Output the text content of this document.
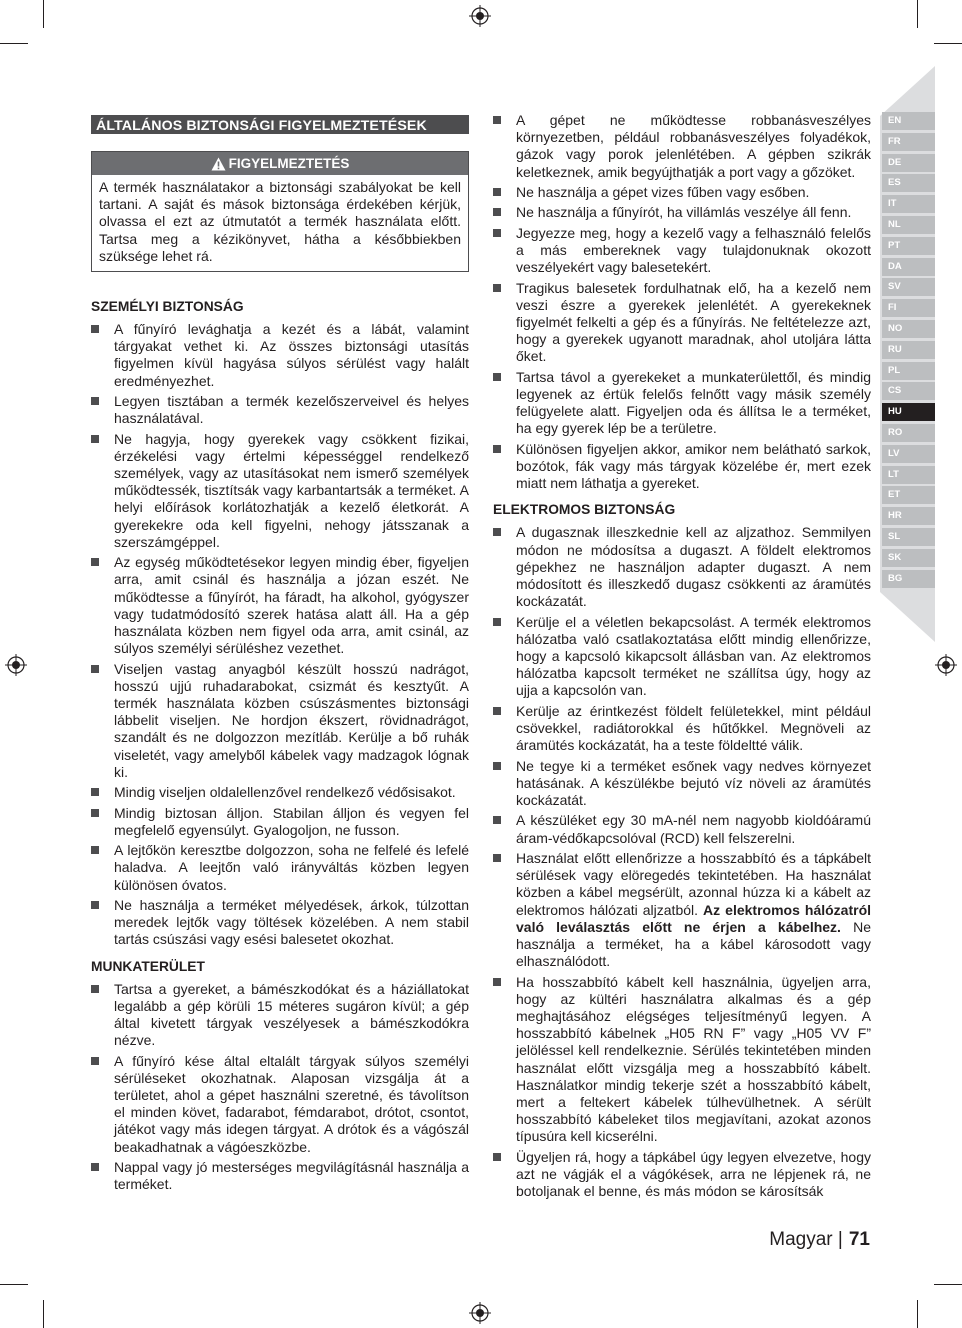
ÁLTALÁNOS BIZTONSÁGI FIGYELMEZTETÉSEK
FIGYELMEZTETÉS
A termék használatakor a biztonsági szabályokat be kell tartani. A saját és mások biztonsága érdekében kérjük, olvassa el ezt az útmutatót a termék használata előtt. Tartsa meg a kézikönyvet, hátha a későbbiekben szüksége lehet rá.
SZEMÉLYI BIZTONSÁG
A fűnyíró levághatja a kezét és a lábát, valamint tárgyakat vethet ki. Az összes biztonsági utasítás figyelmen kívül hagyása súlyos sérülést vagy halált eredményezhet.
Legyen tisztában a termék kezelőszerveivel és helyes használatával.
Ne hagyja, hogy gyerekek vagy csökkent fizikai, érzékelési vagy értelmi képességgel rendelkező személyek, vagy az utasításokat nem ismerő személyek működtessék, tisztítsák vagy karbantartsák a terméket. A helyi előírások korlátozhatják a kezelő életkorát. A gyerekekre oda kell figyelni, nehogy játsszanak a szerszámgéppel.
Az egység működtetésekor legyen mindig éber, figyeljen arra, amit csinál és használja a józan eszét. Ne működtesse a fűnyírót, ha fáradt, ha alkohol, gyógyszer vagy tudatmódosító szerek hatása alatt áll. Ha a gép használata közben nem figyel oda arra, amit csinál, az súlyos személyi sérüléshez vezethet.
Viseljen vastag anyagból készült hosszú nadrágot, hosszú ujjú ruhadarabokat, csizmát és kesztyűt. A termék használata közben csúszásmentes biztonsági lábbelit viseljen. Ne hordjon ékszert, rövidnadrágot, szandált és ne dolgozzon mezítláb. Kerülje a bő ruhák viseletét, vagy amelyből kábelek vagy madzagok lógnak ki.
Mindig viseljen oldalellenzővel rendelkező védősisakot.
Mindig biztosan álljon. Stabilan álljon és vegyen fel megfelelő egyensúlyt. Gyalogoljon, ne fusson.
A lejtőkön keresztbe dolgozzon, soha ne felfelé és lefelé haladva. A leejtőn való irányváltás közben legyen különösen óvatos.
Ne használja a terméket mélyedések, árkok, túlzottan meredek lejtők vagy töltések közelében. A nem stabil tartás csúszási vagy esési balesetet okozhat.
MUNKATERÜLET
Tartsa a gyereket, a bámészkodókat és a háziállatokat legalább a gép körüli 15 méteres sugáron kívül; a gép által kivetett tárgyak veszélyesek a bámészkodókra nézve.
A fűnyíró kése által eltalált tárgyak súlyos személyi sérüléseket okozhatnak. Alaposan vizsgálja át a területet, ahol a gépet használni szeretné, és távolítson el minden követ, fadarabot, fémdarabot, drótot, csontot, játékot vagy más idegen tárgyat. A drótok és a vágószál beakadhatnak a vágóeszközbe.
Nappal vagy jó mesterséges megvilágításnál használja a terméket.
A gépet ne működtesse robbanásveszélyes környezetben, például robbanásveszélyes folyadékok, gázok vagy porok jelenlétében. A gépben szikrák keletkeznek, amik begyújthatják a port vagy a gőzöket.
Ne használja a gépet vizes fűben vagy esőben.
Ne használja a fűnyírót, ha villámlás veszélye áll fenn.
Jegyezze meg, hogy a kezelő vagy a felhasználó felelős a más embereknek vagy tulajdonuknak okozott veszélyekért vagy balesetekért.
Tragikus balesetek fordulhatnak elő, ha a kezelő nem veszi észre a gyerekek jelenlétét. A gyerekeknek figyelmét felkelti a gép és a fűnyírás. Ne feltételezze azt, hogy a gyerekek ugyanott maradnak, ahol utoljára látta őket.
Tartsa távol a gyerekeket a munkaterülettől, és mindig legyenek az értük felelős felnőtt vagy másik személy felügyelete alatt. Figyeljen oda és állítsa le a terméket, ha egy gyerek lép be a területre.
Különösen figyeljen akkor, amikor nem belátható sarkok, bozótok, fák vagy más tárgyak közelébe ér, mert ezek miatt nem láthatja a gyereket.
ELEKTROMOS BIZTONSÁG
A dugasznak illeszkednie kell az aljzathoz. Semmilyen módon ne módosítsa a dugaszt. A földelt elektromos gépekhez ne használjon adapter dugaszt. A nem módosított és illeszkedő dugasz csökkenti az áramütés kockázatát.
Kerülje el a véletlen bekapcsolást. A termék elektromos hálózatba való csatlakoztatása előtt mindig ellenőrizze, hogy a kapcsoló kikapcsolt állásban van. Az elektromos hálózatba kapcsolt terméket ne szállítsa úgy, hogy az ujja a kapcsolón van.
Kerülje az érintkezést földelt felületekkel, mint például csövekkel, radiátorokkal és hűtőkkel. Megnöveli az áramütés kockázatát, ha a teste földeltté válik.
Ne tegye ki a terméket esőnek vagy nedves környezet hatásának. A készülékbe bejutó víz növeli az áramütés kockázatát.
A készüléket egy 30 mA-nél nem nagyobb kioldóáramú áram-védőkapcsolóval (RCD) kell felszerelni.
Használat előtt ellenőrizze a hosszabbító és a tápkábelt sérülések vagy elöregedés tekintetében. Ha használat közben a kábel megsérült, azonnal húzza ki a kábelt az elektromos hálózati aljzatból. Az elektromos hálózatról való leválasztás előtt ne érjen a kábelhez. Ne használja a terméket, ha a kábel károsodott vagy elhasználódott.
Ha hosszabbító kábelt kell használnia, ügyeljen arra, hogy az kültéri használatra alkalmas és a gép meghajtásához elégséges teljesítményű legyen. A hosszabbító kábelnek „H05 RN F” vagy „H05 VV F” jelöléssel kell rendelkeznie. Sérülés tekintetében minden használat előtt vizsgálja meg a hosszabbító kábelt. Használatkor mindig tekerje szét a hosszabbító kábelt, mert a feltekert kábelek túlhevülhetnek. A sérült hosszabbító kábeleket tilos megjavítani, azokat azonos típusúra kell kicserélni.
Ügyeljen rá, hogy a tápkábel úgy legyen elvezetve, hogy azt ne vágják el a vágókések, arra ne lépjenek rá, ne botoljanak el benne, és más módon se károsítsák
EN
FR
DE
ES
IT
NL
PT
DA
SV
FI
NO
RU
PL
CS
HU
RO
LV
LT
ET
HR
SL
SK
BG
Magyar | 71
